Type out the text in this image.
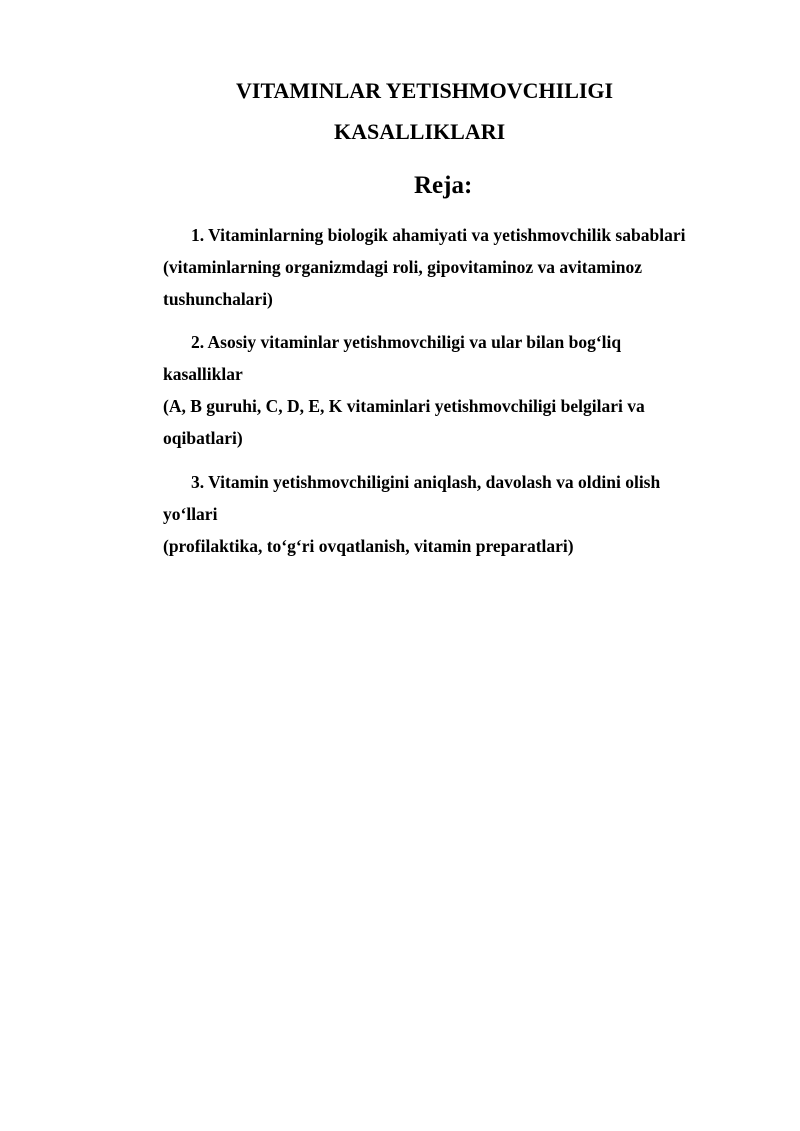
VITAMINLAR YETISHMOVCHILIGI
KASALLIKLARI
Reja:
1. Vitaminlarning biologik ahamiyati va yetishmovchilik sabablari
(vitaminlarning organizmdagi roli, gipovitaminoz va avitaminoz
tushunchalari)
2. Asosiy vitaminlar yetishmovchiligi va ular bilan bog‘liq
kasalliklar
(A, B guruhi, C, D, E, K vitaminlari yetishmovchiligi belgilari va
oqibatlari)
3. Vitamin yetishmovchiligini aniqlash, davolash va oldini olish
yo‘llari
(profilaktika, to‘g‘ri ovqatlanish, vitamin preparatlari)
